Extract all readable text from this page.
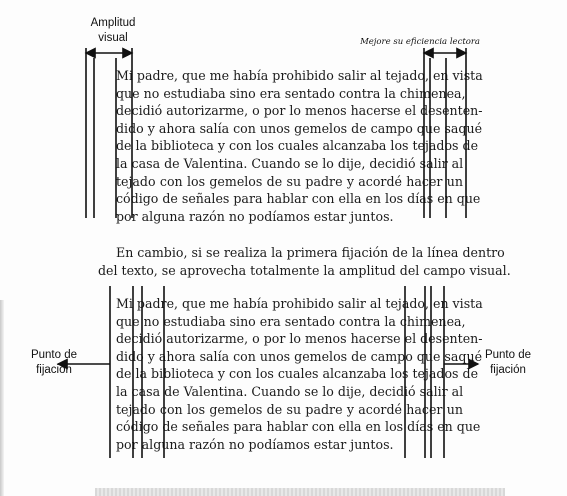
Amplitud
visual	Mejore su eficiencia lectora
Mi padre, que me había prohibido salir al tejado, en vista
que no estudiaba sino era sentado contra la chimenea,
decidió autorizarme, o por lo menos hacerse el desenten-
dido y ahora salía con unos gemelos de campo que saqué
de la biblioteca y con los cuales alcanzaba los tejados de
la casa de Valentina. Cuando se lo dije, decidió salir al
tejado con los gemelos de su padre y acordé hacer un
código de señales para hablar con ella en los días en que
por alguna razón no podíamos estar juntos.
En cambio, si se realiza la primera fijación de la línea dentro
del texto, se aprovecha totalmente la amplitud del campo visual.
Mi padre, que me había prohibido salir al tejado, en vista
que no estudiaba sino era sentado contra la chimenea,
decidió autorizarme, o por lo menos hacerse el desenten-
dido y ahora salía con unos gemelos de campo que saqué
de la biblioteca y con los cuales alcanzaba los tejados de
la casa de Valentina. Cuando se lo dije, decidió salir al
tejado con los gemelos de su padre y acordé hacer un
código de señales para hablar con ella en los días en que
por alguna razón no podíamos estar juntos.
Punto de
fijación
Punto de
fijación
